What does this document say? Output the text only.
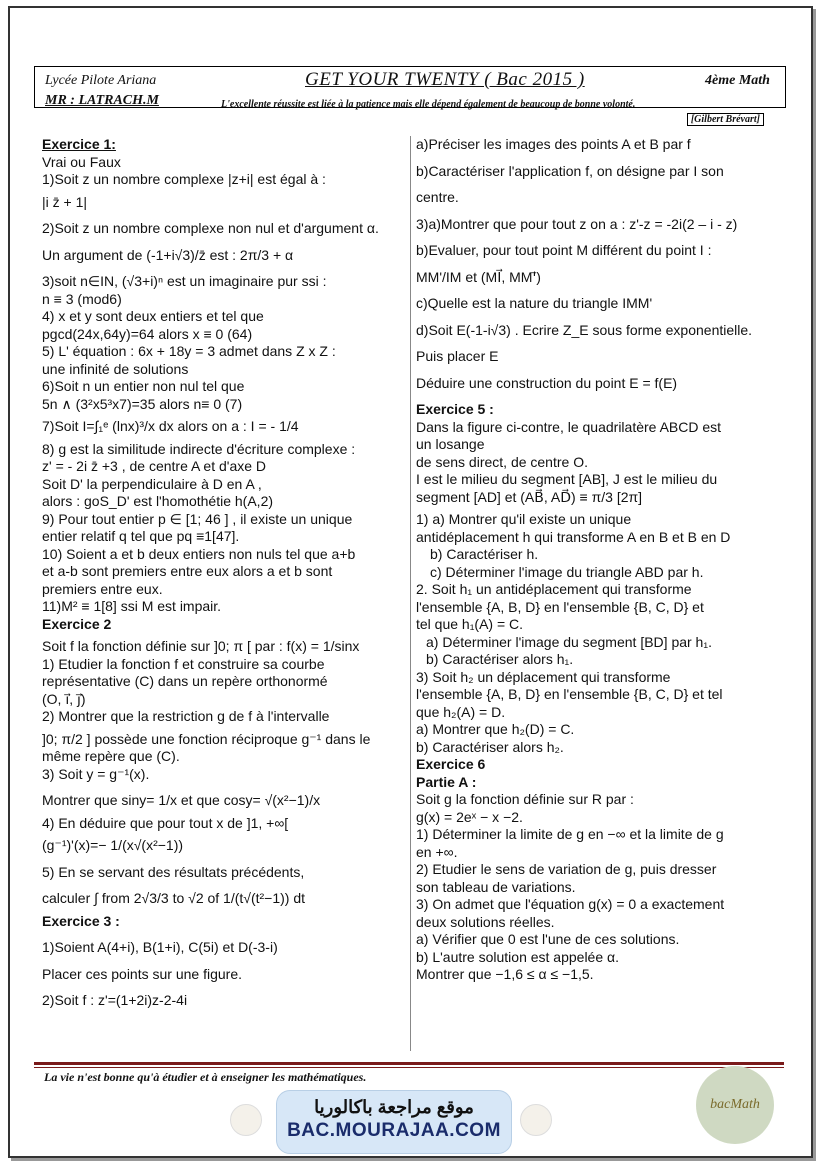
Lycée Pilote Ariana
MR : LATRACH.M
GET YOUR TWENTY ( Bac 2015 )	4ème Math
L'excellente réussite est liée à la patience mais elle dépend également de beaucoup de bonne volonté.
[Gilbert Brévart]

Exercice 1:

Vrai ou Faux

1)Soit z un nombre complexe |z+i| est égal à :

|i z̄ + 1|

2)Soit z un nombre complexe non nul et d'argument α.

Un argument de (-1+i√3)/z̄ est : 2π/3 + α

3)soit n∈IN, (√3+i)ⁿ est un imaginaire pur ssi :

n ≡ 3 (mod6)

4) x et y sont deux entiers et tel que

pgcd(24x,64y)=64 alors x ≡ 0 (64)

5) L' équation : 6x + 18y = 3 admet dans Z x Z :

une infinité de solutions

6)Soit n un entier non nul tel que

5n ∧ (3²x5³x7)=35 alors n≡ 0 (7)

7)Soit I=∫₁ᵉ (lnx)³/x dx alors on a : I = - 1/4

8) g est la similitude indirecte d'écriture complexe :

z' = - 2i z̄ +3 , de centre A et d'axe D

Soit D' la perpendiculaire à D en A ,

alors : goS_D' est l'homothétie h(A,2)

9) Pour tout entier p ∈ [1; 46 ] , il existe un unique

entier relatif q tel que pq ≡1[47].

10) Soient a et b deux entiers non nuls tel que a+b

et a-b sont premiers entre eux alors a et b sont

premiers entre eux.

11)M² ≡ 1[8] ssi M est impair.

Exercice 2

Soit f la fonction définie sur ]0; π [ par : f(x) = 1/sinx

1) Etudier la fonction f et construire sa courbe

représentative (C) dans un repère orthonormé

(O, i⃗, j⃗)

2) Montrer que la restriction g de f à l'intervalle

]0; π/2 ] possède une fonction réciproque g⁻¹ dans le

même repère que (C).

3) Soit y = g⁻¹(x).

Montrer que siny= 1/x et que cosy= √(x²−1)/x

4) En déduire que pour tout x de ]1, +∞[

(g⁻¹)'(x)=− 1/(x√(x²−1))

5) En se servant des résultats précédents,

calculer ∫ from 2√3/3 to √2 of 1/(t√(t²−1)) dt

Exercice 3 :

1)Soient A(4+i), B(1+i), C(5i) et D(-3-i)

Placer ces points sur une figure.

2)Soit f : z'=(1+2i)z-2-4i

a)Préciser les images des points A et B par f

b)Caractériser l'application f, on désigne par I son

centre.

3)a)Montrer que pour tout z on a : z'-z = -2i(2 – i - z)

b)Evaluer, pour tout point M différent du point I :

MM'/IM et (MI⃗, MM'⃗)

c)Quelle est la nature du triangle IMM'

d)Soit E(-1-i√3) . Ecrire Z_E sous forme exponentielle.

Puis placer E

Déduire une construction du point E = f(E)

Exercice 5 :

Dans la figure ci-contre, le quadrilatère ABCD est

un losange

de sens direct, de centre O.

I est le milieu du segment [AB], J est le milieu du

segment [AD] et (AB⃗, AD⃗) ≡ π/3 [2π]

1) a) Montrer qu'il existe un unique

antidéplacement h qui transforme A en B et B en D

b) Caractériser h.

c) Déterminer l'image du triangle ABD par h.

2. Soit h₁ un antidéplacement qui transforme

l'ensemble {A, B, D} en l'ensemble {B, C, D} et

tel que h₁(A) = C.

a) Déterminer l'image du segment [BD] par h₁.

b) Caractériser alors h₁.

3) Soit h₂ un déplacement qui transforme

l'ensemble {A, B, D} en l'ensemble {B, C, D} et tel

que h₂(A) = D.

a) Montrer que h₂(D) = C.

b) Caractériser alors h₂.

Exercice 6

Partie A :

Soit g la fonction définie sur R par :

g(x) = 2eˣ − x −2.

1) Déterminer la limite de g en −∞ et la limite de g

en +∞.

2) Etudier le sens de variation de g, puis dresser

son tableau de variations.

3) On admet que l'équation g(x) = 0 a exactement

deux solutions réelles.

a) Vérifier que 0 est l'une de ces solutions.

b) L'autre solution est appelée α.

Montrer que −1,6 ≤ α ≤ −1,5.

La vie n'est bonne qu'à étudier et à enseigner les mathématiques.
موقع مراجعة باكالوريا
BAC.MOURAJAA.COM
bacMath
